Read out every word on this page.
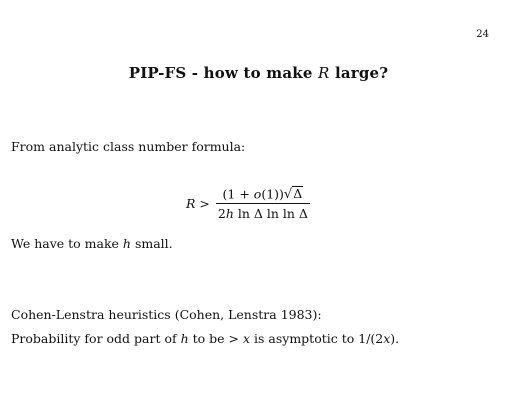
24
PIP-FS - how to make R large?
From analytic class number formula:
$R > \frac{(1 + o(1)) √ \Delta}{\text{2h ln Δ ln ln Δ}}$
We have to make h small.
Cohen-Lenstra heuristics (Cohen, Lenstra 1983):
Probability for odd part of h to be > x is asymptotic to 1/(2x).
